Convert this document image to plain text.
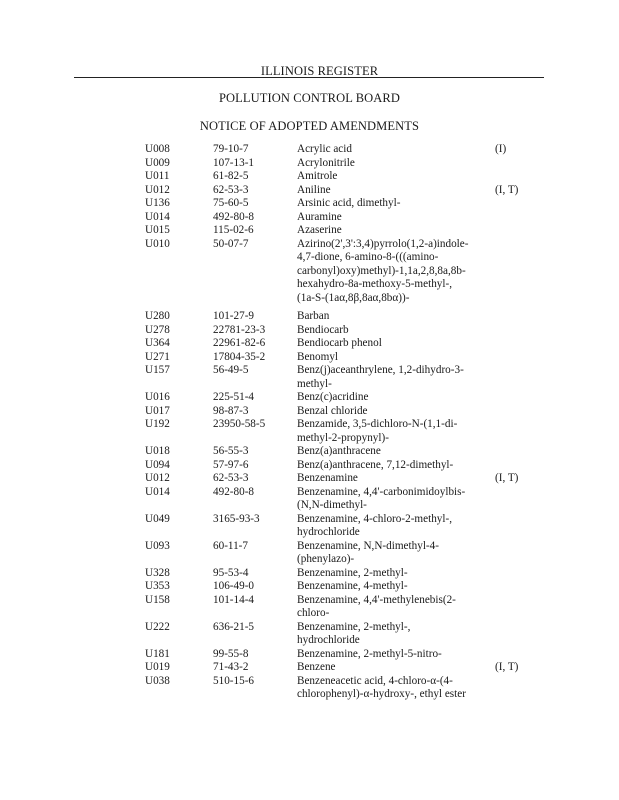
ILLINOIS REGISTER
POLLUTION CONTROL BOARD
NOTICE OF ADOPTED AMENDMENTS
U008	79-10-7	Acrylic acid	(I)
U009	107-13-1	Acrylonitrile
U011	61-82-5	Amitrole
U012	62-53-3	Aniline	(I, T)
U136	75-60-5	Arsinic acid, dimethyl-
U014	492-80-8	Auramine
U015	115-02-6	Azaserine
U010	50-07-7	Azirino(2',3':3,4)pyrrolo(1,2-a)indole-
4,7-dione, 6-amino-8-(((amino-
carbonyl)oxy)methyl)-1,1a,2,8,8a,8b-
hexahydro-8a-methoxy-5-methyl-,
(1a-S-(1aα,8β,8aα,8bα))-
U280	101-27-9	Barban
U278	22781-23-3	Bendiocarb
U364	22961-82-6	Bendiocarb phenol
U271	17804-35-2	Benomyl
U157	56-49-5	Benz(j)aceanthrylene, 1,2-dihydro-3-
methyl-
U016	225-51-4	Benz(c)acridine
U017	98-87-3	Benzal chloride
U192	23950-58-5	Benzamide, 3,5-dichloro-N-(1,1-di-
methyl-2-propynyl)-
U018	56-55-3	Benz(a)anthracene
U094	57-97-6	Benz(a)anthracene, 7,12-dimethyl-
U012	62-53-3	Benzenamine	(I, T)
U014	492-80-8	Benzenamine, 4,4'-carbonimidoylbis-
(N,N-dimethyl-
U049	3165-93-3	Benzenamine, 4-chloro-2-methyl-,
hydrochloride
U093	60-11-7	Benzenamine, N,N-dimethyl-4-
(phenylazo)-
U328	95-53-4	Benzenamine, 2-methyl-
U353	106-49-0	Benzenamine, 4-methyl-
U158	101-14-4	Benzenamine, 4,4'-methylenebis(2-
chloro-
U222	636-21-5	Benzenamine, 2-methyl-,
hydrochloride
U181	99-55-8	Benzenamine, 2-methyl-5-nitro-
U019	71-43-2	Benzene	(I, T)
U038	510-15-6	Benzeneacetic acid, 4-chloro-α-(4-
chlorophenyl)-α-hydroxy-, ethyl ester
